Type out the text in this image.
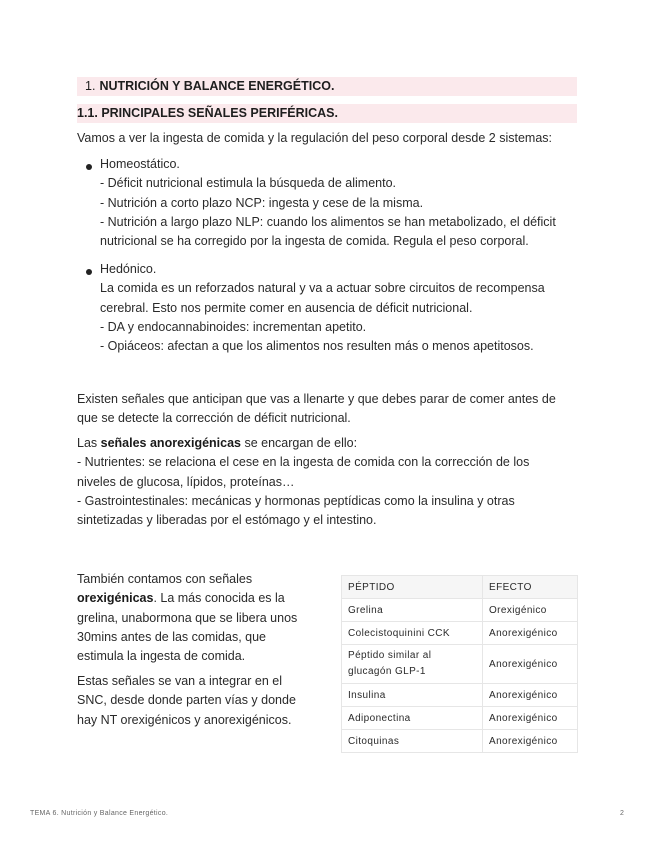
1. NUTRICIÓN Y BALANCE ENERGÉTICO.
1.1. PRINCIPALES SEÑALES PERIFÉRICAS.
Vamos a ver la ingesta de comida y la regulación del peso corporal desde 2 sistemas:
Homeostático.
- Déficit nutricional estimula la búsqueda de alimento.
- Nutrición a corto plazo NCP: ingesta y cese de la misma.
- Nutrición a largo plazo NLP: cuando los alimentos se han metabolizado, el déficit
nutricional se ha corregido por la ingesta de comida. Regula el peso corporal.
Hedónico.
La comida es un reforzados natural y va a actuar sobre circuitos de recompensa
cerebral. Esto nos permite comer en ausencia de déficit nutricional.
- DA y endocannabinoides: incrementan apetito.
- Opiáceos: afectan a que los alimentos nos resulten más o menos apetitosos.
Existen señales que anticipan que vas a llenarte y que debes parar de comer antes de
que se detecte la corrección de déficit nutricional.
Las señales anorexigénicas se encargan de ello:
- Nutrientes: se relaciona el cese en la ingesta de comida con la corrección de los
niveles de glucosa, lípidos, proteínas…
- Gastrointestinales: mecánicas y hormonas peptídicas como la insulina y otras
sintetizadas y liberadas por el estómago y el intestino.
También contamos con señales
orexigénicas. La más conocida es la
grelina, unabormona que se libera unos
30mins antes de las comidas, que
estimula la ingesta de comida.
Estas señales se van a integrar en el
SNC, desde donde parten vías y donde
hay NT orexigénicos y anorexigénicos.
PÉPTIDO	EFECTO
Grelina	Orexigénico
Colecistoquinini CCK	Anorexigénico

Péptido similar al
glucagón GLP-1	Anorexigénico
Insulina	Anorexigénico
Adiponectina	Anorexigénico
Citoquinas	Anorexigénico
TEMA 6. Nutrición y Balance Energético.	2
